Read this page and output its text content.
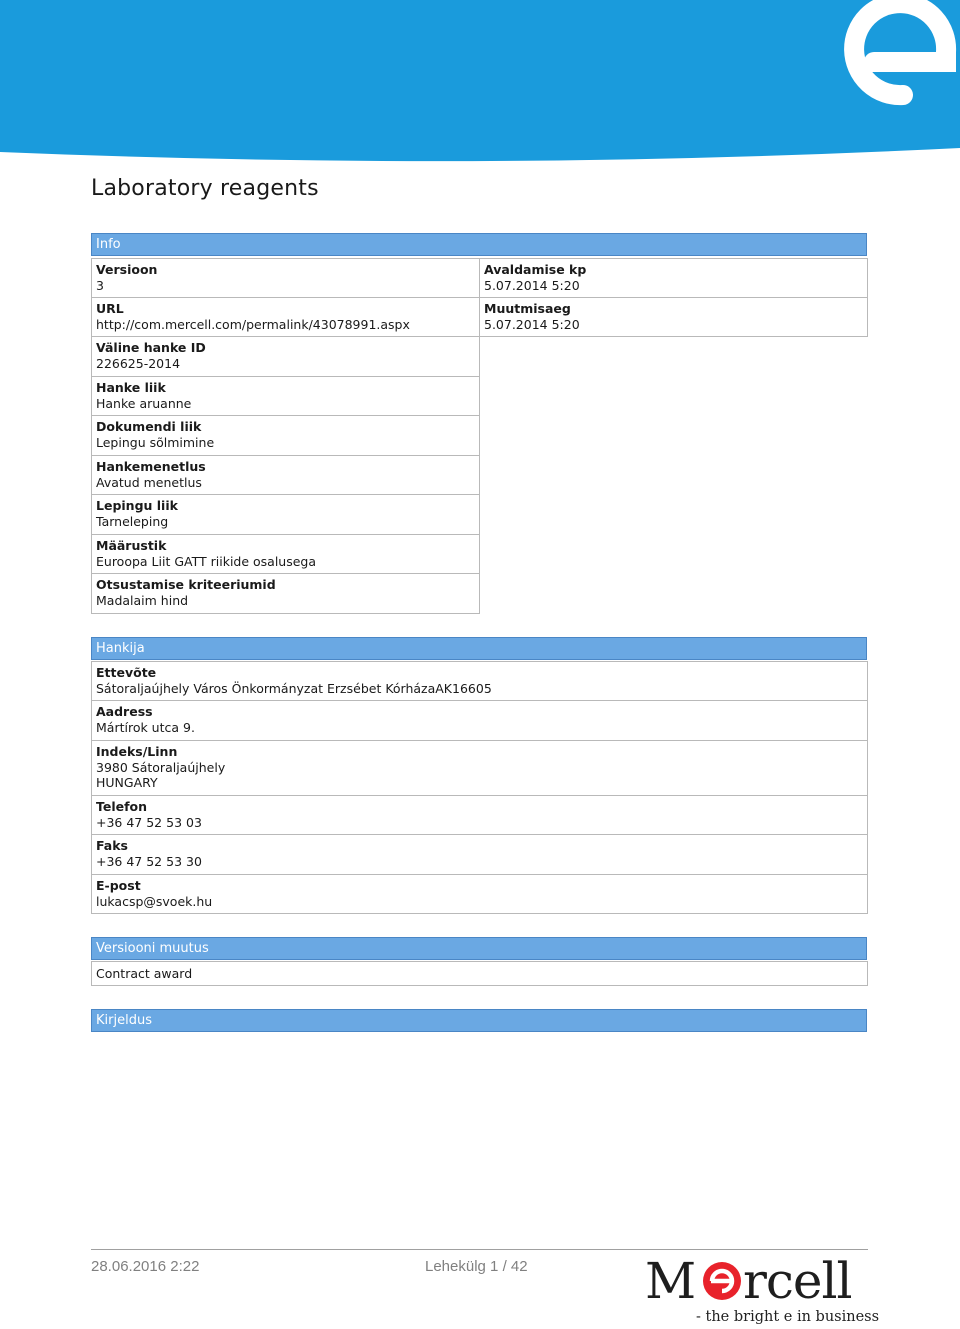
Laboratory reagents
Info
Versioon
3
URL
http://com.mercell.com/permalink/43078991.aspx
Väline hanke ID
226625-2014
Hanke liik
Hanke aruanne
Dokumendi liik
Lepingu sõlmimine
Hankemenetlus
Avatud menetlus
Lepingu liik
Tarneleping
Määrustik
Euroopa Liit GATT riikide osalusega
Otsustamise kriteeriumid
Madalaim hind
Avaldamise kp
5.07.2014 5:20
Muutmisaeg
5.07.2014 5:20
Hankija
Ettevõte
Sátoraljaújhely Város Önkormányzat Erzsébet KórházaAK16605
Aadress
Mártírok utca 9.
Indeks/Linn
3980 Sátoraljaújhely
HUNGARY
Telefon
+36 47 52 53 03
Faks
+36 47 52 53 30
E-post
lukacsp@svoek.hu
Versiooni muutus
Contract award
Kirjeldus
28.06.2016 2:22	Lehekülg 1 / 42 M rcell
- the bright e in business
